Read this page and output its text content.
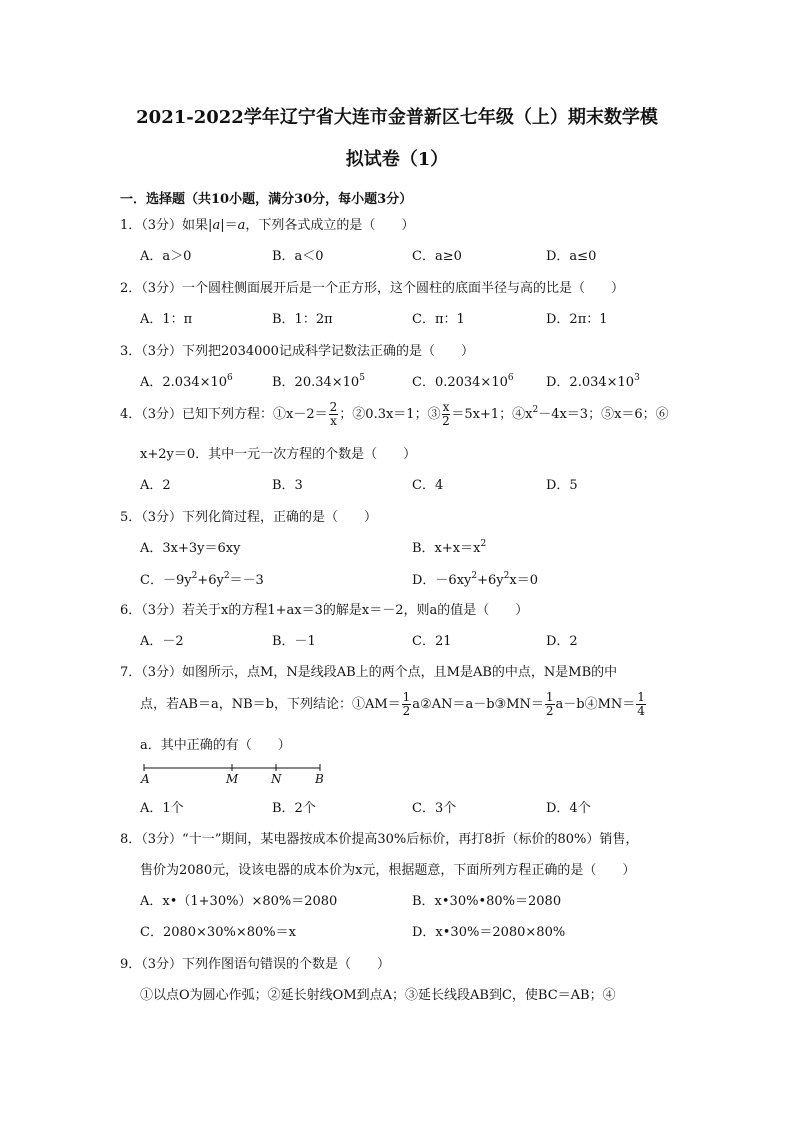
2021-2022学年辽宁省大连市金普新区七年级（上）期末数学模
拟试卷（1）
一．选择题（共10小题，满分30分，每小题3分）
1．（3分）如果|a|＝a，下列各式成立的是（　　）
A．a＞0	B．a＜0	C．a≥0	D．a≤0
2．（3分）一个圆柱侧面展开后是一个正方形，这个圆柱的底面半径与高的比是（　　）
A．1：π	B．1：2π	C．π：1	D．2π：1
3．（3分）下列把2034000记成科学记数法正确的是（　　）
A．$2.034\times 10^6$	B．$20.34\times 10^5$	C．$0.2034\times 10^6$ D．$2.034\times 10^3$
4．（3分）已知下列方程：①x－2＝ $\frac{2}{x}$ ；②0.3x＝1；③ $\frac{x}{2} =5x+1$；$④x^2-4x=3$；⑤x＝6；⑥
x+2y＝0．其中一元一次方程的个数是（　　）
A．2	B．3	C．4	D．5
5．（3分）下列化简过程，正确的是（　　）
A．3x+3y＝6xy	B．$x+x=x^2$
C．$-9y^2+6y^2=-3$	D．$-6xy^2+6y^2x=0$
6．（3分）若关于x的方程1+ax＝3的解是x＝－2，则a的值是（　　）
A．－2	B．－1	C．21	D．2
7．（3分）如图所示，点M，N是线段AB上的两个点，且M是AB的中点，N是MB的中
点，若AB＝a，NB＝b，下列结论：①AM＝ $\frac{1}{2}$ a②AN＝a－b③MN＝ $\frac{1}{2}$ a－b④MN＝ $\frac{1}{4}$
a．其中正确的有（　　）
A	M	N	B
A．1个	B．2个	C．3个	D．4个
8．（3分）“十一”期间，某电器按成本价提高30%后标价，再打8折（标价的80%）销售，
售价为2080元，设该电器的成本价为x元，根据题意，下面所列方程正确的是（　　）
A．x•（1+30%）×80%＝2080	B．x•30%•80%＝2080
C．2080×30%×80%＝x	D．x•30%＝2080×80%
9．（3分）下列作图语句错误的个数是（　　）
①以点O为圆心作弧；②延长射线OM到点A；③延长线段AB到C，使BC＝AB；④
